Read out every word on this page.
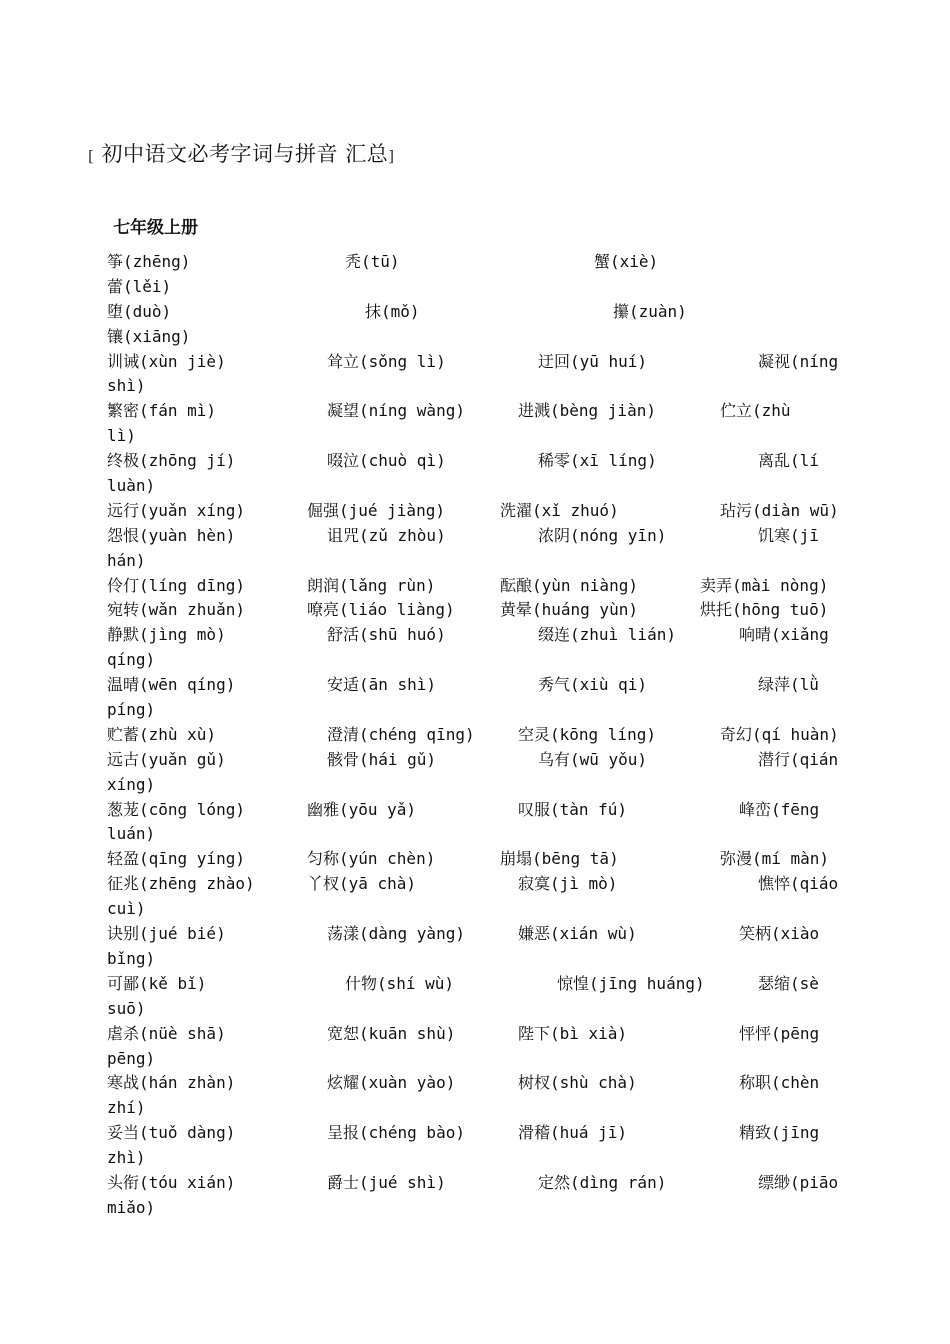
[ 初中语文必考字词与拼音 汇总]
七年级上册
筝(zhēng)	秃(tū)	蟹(xiè)
蕾(lěi)
堕(duò)	抹(mǒ)	攥(zuàn)
镶(xiāng)
训诫(xùn jiè)	耸立(sǒng lì)	迂回(yū huí)	凝视(níng
shì)
繁密(fán mì)	凝望(níng wàng)	进溅(bèng jiàn)	伫立(zhù
lì)
终极(zhōng jí)	啜泣(chuò qì)	稀零(xī líng)	离乱(lí
luàn)
远行(yuǎn xíng)	倔强(jué jiàng)	洗濯(xǐ zhuó)	玷污(diàn wū)
怨恨(yuàn hèn)	诅咒(zǔ zhòu)	浓阴(nóng yīn)	饥寒(jī
hán)
伶仃(líng dīng)	朗润(lǎng rùn)	酝酿(yùn niàng)	卖弄(mài nòng)
宛转(wǎn zhuǎn)	嘹亮(liáo liàng)	黄晕(huáng yùn)	烘托(hōng tuō)
静默(jìng mò)	舒活(shū huó)	缀连(zhuì lián)	响晴(xiǎng
qíng)
温晴(wēn qíng)	安适(ān shì)	秀气(xiù qi)	绿萍(lǜ
píng)
贮蓄(zhù xù)	澄清(chéng qīng)	空灵(kōng líng)	奇幻(qí huàn)
远古(yuǎn gǔ)	骸骨(hái gǔ)	乌有(wū yǒu)	潜行(qián
xíng)
葱茏(cōng lóng)	幽雅(yōu yǎ)	叹服(tàn fú)	峰峦(fēng
luán)
轻盈(qīng yíng)	匀称(yún chèn)	崩塌(bēng tā)	弥漫(mí màn)
征兆(zhēng zhào)	丫杈(yā chà)	寂寞(jì mò)	憔悴(qiáo
cuì)
诀别(jué bié)	荡漾(dàng yàng)	嫌恶(xián wù)	笑柄(xiào
bǐng)
可鄙(kě bǐ)	什物(shí wù)	惊惶(jīng huáng)	瑟缩(sè
suō)
虐杀(nüè shā)	宽恕(kuān shù)	陛下(bì xià)	怦怦(pēng
pēng)
寒战(hán zhàn)	炫耀(xuàn yào)	树杈(shù chà)	称职(chèn
zhí)
妥当(tuǒ dàng)	呈报(chéng bào)	滑稽(huá jī)	精致(jīng
zhì)
头衔(tóu xián)	爵士(jué shì)	定然(dìng rán)	缥缈(piāo
miǎo)
